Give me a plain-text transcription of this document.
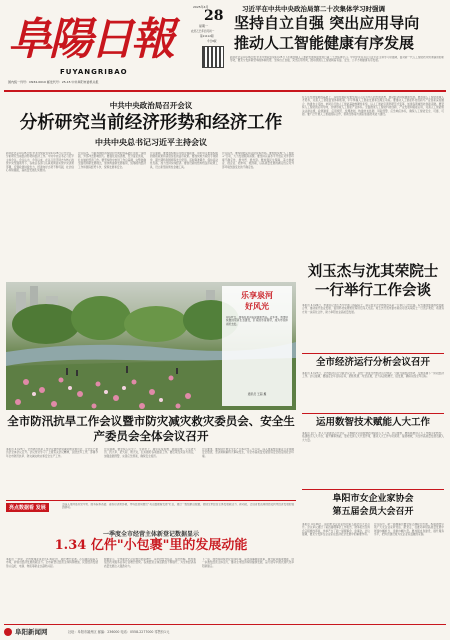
阜陽日報
FUYANGRIBAO
国内统一刊号：CN34-0010 邮发代号：25-15 中共阜阳市委机关报
2025年4月
28
星期一
农历乙巳年四月初一
第11112期
今日8版
习近平在中共中央政治局第二十次集体学习时强调
坚持自立自强 突出应用导向
推动人工智能健康有序发展
新华社北京4月26日电 中共中央政治局4月25日下午就加强人工智能发展和监管进行第二十次集体学习。中共中央总书记习近平在主持学习时强调，面对新一代人工智能技术快速演进的新形势，要充分发挥新型举国体制优势，坚持自立自强，突出应用导向，推动我国人工智能朝着有益、安全、公平方向健康有序发展。
中共中央政治局召开会议
分析研究当前经济形势和经济工作
中共中央总书记习近平主持会议
新华社北京4月25日电 中共中央政治局4月25日召开会议，分析研究当前经济形势和经济工作。中共中央总书记习近平主持会议。会议认为，今年以来，在以习近平同志为核心的党中央坚强领导下，各地区各部门认真贯彻落实党中央决策部署，宏观政策持续发力，经济向好态势不断巩固，社会信心持续提振，高质量发展扎实推进。
会议指出，当前我国经济持续回升向好的基础还需进一步稳固，外部冲击影响加大。要强化底线思维，充分备足预案，扎实做好经济工作。要坚持稳中求进工作总基调，完整准确全面贯彻新发展理念，加快构建新发展格局，统筹国内经济工作和国际经贸斗争，统筹发展和安全。
会议强调，要更加积极有为的宏观政策，用好用足更加积极的财政政策和适度宽松的货币政策。要加快地方政府专项债券、超长期特别国债等发行使用。适时降准降息，保持流动性充裕，加力支持实体经济。要创设新的结构性货币政策工具，设立新型政策性金融工具。
会议指出，要持续稳定和活跃资本市场。要加快实施“人工智能+”行动，大力发展服务消费。要坚持以高水平开放应对外部环境不确定性，稳外贸、稳外资。要加强民生保障，着力稳就业、稳企业、稳市场、稳预期，以高质量发展的确定性应对外部环境急剧变化的不确定性。
在五年发展成就的基础上，各级党委政府要坚持以人民为中心的发展思想，推动经济持续健康发展。要加强人工智能领域人才培养，完善人工智能监管体制机制，牢牢掌握人工智能发展和治理主动权。要推动人工智能科技创新与产业创新深度融合，构建自主可控、协同运行的人工智能基础软硬件系统，以人工智能引领科研范式变革，加速各领域科技创新突破。要坚持人工智能的应用导向，加快形成人工智能产业体系。全面推进人工智能科技创新、产业发展和赋能应用，完善人工智能相关法律法规、政策制度、应用规范、伦理准则，构建技术监测、风险预警、应急响应体系，确保人工智能安全、可靠、可控。要广泛开展人工智能国际合作，帮助全球南方国家加强技术能力建设。
刘玉杰与沈其荣院士一行举行工作会谈
本报讯 4月26日，市委书记刘玉杰与中国工程院院士、南京农业大学教授沈其荣一行举行工作会谈。双方围绕加强科技创新合作、推动现代农业发展、促进科技成果转化等进行深入交流。刘玉杰代表市委市政府对沈其荣院士一行表示欢迎，希望双方进一步深化合作，助力阜阳农业高质量发展。
全市经济运行分析会议召开
本报讯 4月27日，全市经济运行分析会议召开，总结一季度全市经济运行情况，分析当前经济形势，安排部署下一阶段经济工作。会议强调，要锚定全年目标任务，抢抓机遇、攻坚克难，全力以赴稳增长、促发展，确保完成全年目标。
运用数智技术赋能人大工作
本报讯 近日，市人大常委会召开会议，专题研究运用数智技术赋能人大工作。会议要求，要积极推进人大工作数字化转型，搭建数字人大平台，提升履职效能，更好发挥人大代表作用，推动人大工作与时俱进、提质增效，为全市高质量发展贡献人大力量。
阜阳市女企业家协会
第五届会员大会召开
本报讯 4月26日，阜阳市女企业家协会第五届会员大会召开。会议审议通过了第四届理事会工作报告、财务报告及协会章程修改草案，选举产生了新一届理事会、监事会。会议强调，要充分发挥女企业家在经济社会发展中的重要作用。
会议指出，新一届理事会要坚持正确政治方向，积极团结引领广大女企业家听党话、跟党走，在推动阜阳高质量发展中展现巾帼担当，贡献巾帼力量。要加强自身建设，提升服务水平，把协会建设成为女企业家温暖的家园。
乐享泉河
好风光
4月27日，游客在泉河沿岸游玩赏花。近年来，我市持续推进泉河生态建设，打造滨水景观带，成为市民休闲好去处。
通讯员 王超 摄
全市防汛抗旱工作会议暨市防灾减灾救灾委员会、安全生产委员会全体会议召开
本报讯 4月27日，全市防汛抗旱工作会议暨市防灾减灾救灾委员会、安全生产委员会全体会议召开。会议传达学习了上级有关会议精神，总结去年工作，部署今年全市防汛抗旱、防灾减灾救灾和安全生产工作。
会议强调，要坚持人民至上、生命至上，树牢底线思维、极限思维，立足防大汛、抗大旱、抢大险、救大灾，扎实做好各项准备工作。要压紧压实各方责任，加强监测预警，完善应急预案，确保安全度汛。
会议要求，要持续开展安全生产治本攻坚三年行动，深入排查整治重点行业领域安全隐患，坚决遏制重特大事故发生，为全市高质量发展营造安全稳定的社会环境。
亮点数据看 发展
为深入贯彻落实党中央、国务院和省委、省政府决策部署，市场监管局推出“亮点数据看发展”栏目，通过一组组鲜活数据，展现全市经营主体发展新活力、新动能，让读者更直观地感受我市经济发展的强劲脉动。
一季度全市经营主体新登记数据显示
1.34 亿件"小包裹"里的发展动能
本报讯 一季度，全市快递业务量达1.34亿件，同比增长显著。小包裹连接着大市场，折射出经济发展的新活力。全市新登记经营主体持续增加，民营经济发展势头良好，电商、物流等新业态蓬勃兴起。
数据显示，全市新登记企业数量稳步增长，其中批发零售业、信息传输、软件和信息技术服务业等行业增长较快。各类经营主体活跃度不断提升，为全市经济高质量发展注入强劲动力。
下一步，我市将持续优化营商环境，深化商事制度改革，提升政务服务效能，进一步激发经营主体活力，推动全市经济持续健康发展，奋力谱写中国式现代化阜阳新篇章。
阜阳新闻网	社址：阜阳市颍州区 邮编：236000 电话：0558-2277000 零售价1元
